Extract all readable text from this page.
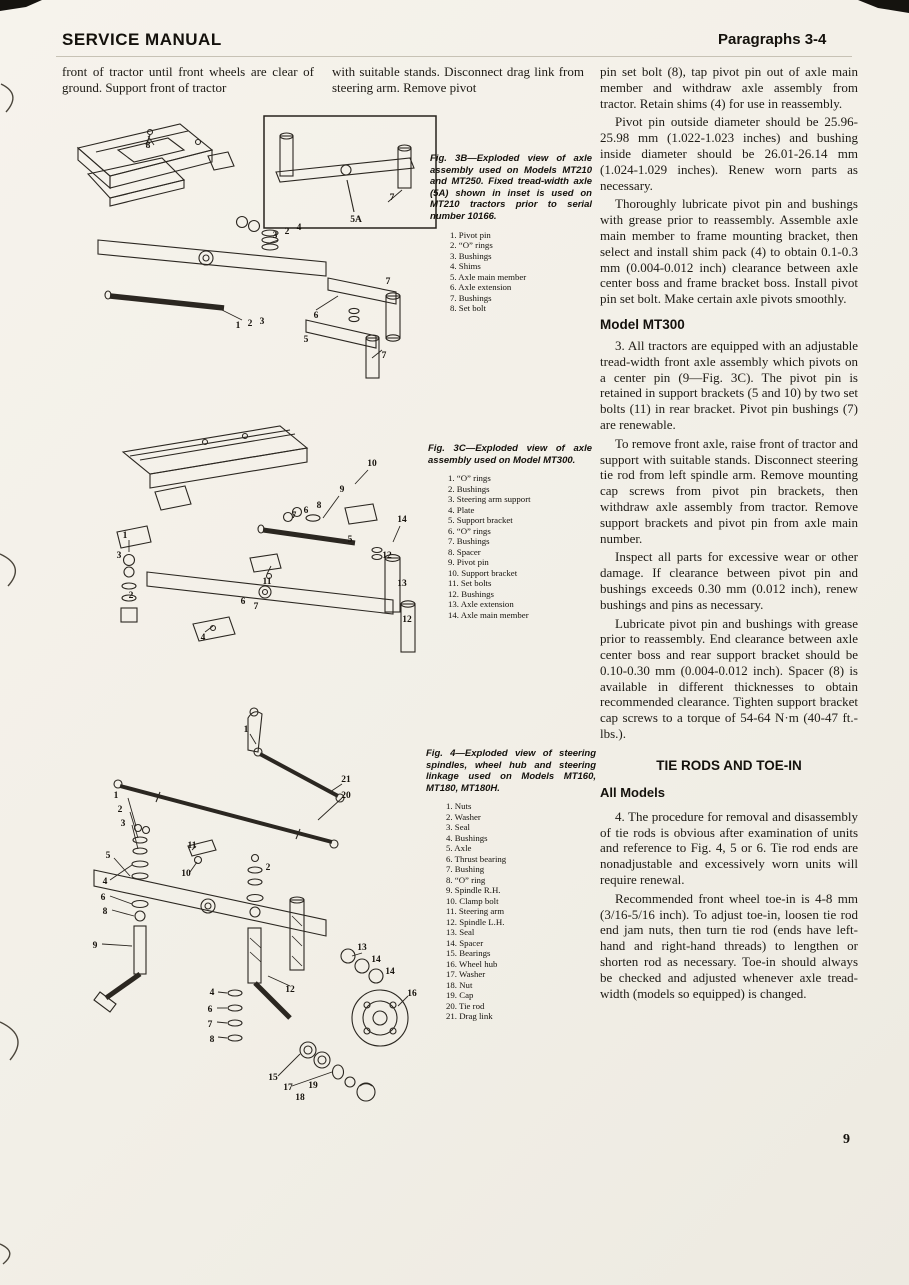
SERVICE MANUAL	Paragraphs 3-4

front of tractor until front wheels are clear of ground. Support front of tractor

with suitable stands. Disconnect drag link from steering arm. Remove pivot

8
3 2 4
7
5A
6
7
1 2 3
5
7

Fig. 3B—Exploded view of axle assembly used on Models MT210 and MT250. Fixed tread-width axle (5A) shown in inset is used on MT210 tractors prior to serial number 10166.

1. Pivot pin
2. “O” rings
3. Bushings
4. Shims
5. Axle main member
6. Axle extension
7. Bushings
8. Set bolt
10
9
7 6 8
14
5
12
13
12
11
1
3
2
6 7
4

Fig. 3C—Exploded view of axle assembly used on Model MT300.

1. “O” rings
2. Bushings
3. Steering arm support
4. Plate
5. Support bracket
6. “O” rings
7. Bushings
8. Spacer
9. Pivot pin
10. Support bracket
11. Set bolts
12. Bushings
13. Axle extension
14. Axle main member
1
21
20
1
2
3
5
11
10
2
4
6
8
9	13
14
14
12	16
4
6
7
8
15
17
18
19

Fig. 4—Exploded view of steering spindles, wheel hub and steering linkage used on Models MT160, MT180, MT180H.

1. Nuts
2. Washer
3. Seal
4. Bushings
5. Axle
6. Thrust bearing
7. Bushing
8. “O” ring
9. Spindle R.H.
10. Clamp bolt
11. Steering arm
12. Spindle L.H.
13. Seal
14. Spacer
15. Bearings
16. Wheel hub
17. Washer
18. Nut
19. Cap
20. Tie rod
21. Drag link

pin set bolt (8), tap pivot pin out of axle main member and withdraw axle assembly from tractor. Retain shims (4) for use in reassembly.

Pivot pin outside diameter should be 25.96-25.98 mm (1.022-1.023 inches) and bushing inside diameter should be 26.01-26.14 mm (1.024-1.029 inches). Renew worn parts as necessary.

Thoroughly lubricate pivot pin and bushings with grease prior to reassembly. Assemble axle main member to frame mounting bracket, then select and install shim pack (4) to obtain 0.1-0.3 mm (0.004-0.012 inch) clearance between axle center boss and frame bracket boss. Install pivot pin set bolt. Make certain axle pivots smoothly.

Model MT300

3. All tractors are equipped with an adjustable tread-width front axle assembly which pivots on a center pin (9—Fig. 3C). The pivot pin is retained in support brackets (5 and 10) by two set bolts (11) in rear bracket. Pivot pin bushings (7) are renewable.

To remove front axle, raise front of tractor and support with suitable stands. Disconnect steering tie rod from left spindle arm. Remove mounting cap screws from pivot pin brackets, then withdraw axle assembly from tractor. Remove support brackets and pivot pin from axle main number.

Inspect all parts for excessive wear or other damage. If clearance between pivot pin and bushings exceeds 0.30 mm (0.012 inch), renew bushings and pins as necessary.

Lubricate pivot pin and bushings with grease prior to reassembly. End clearance between axle center boss and rear support bracket should be 0.10-0.30 mm (0.004-0.012 inch). Spacer (8) is available in different thicknesses to obtain recommended clearance. Tighten support bracket cap screws to a torque of 54-64 N·m (40-47 ft.-lbs.).

TIE RODS AND TOE-IN
All Models

4. The procedure for removal and disassembly of tie rods is obvious after examination of units and reference to Fig. 4, 5 or 6. Tie rod ends are nonadjustable and excessively worn units will require renewal.

Recommended front wheel toe-in is 4-8 mm (3/16-5/16 inch). To adjust toe-in, loosen tie rod end jam nuts, then turn tie rod (ends have left-hand and right-hand threads) to lengthen or shorten rod as necessary. Toe-in should always be checked and adjusted whenever axle tread-width (models so equipped) is changed.

9
